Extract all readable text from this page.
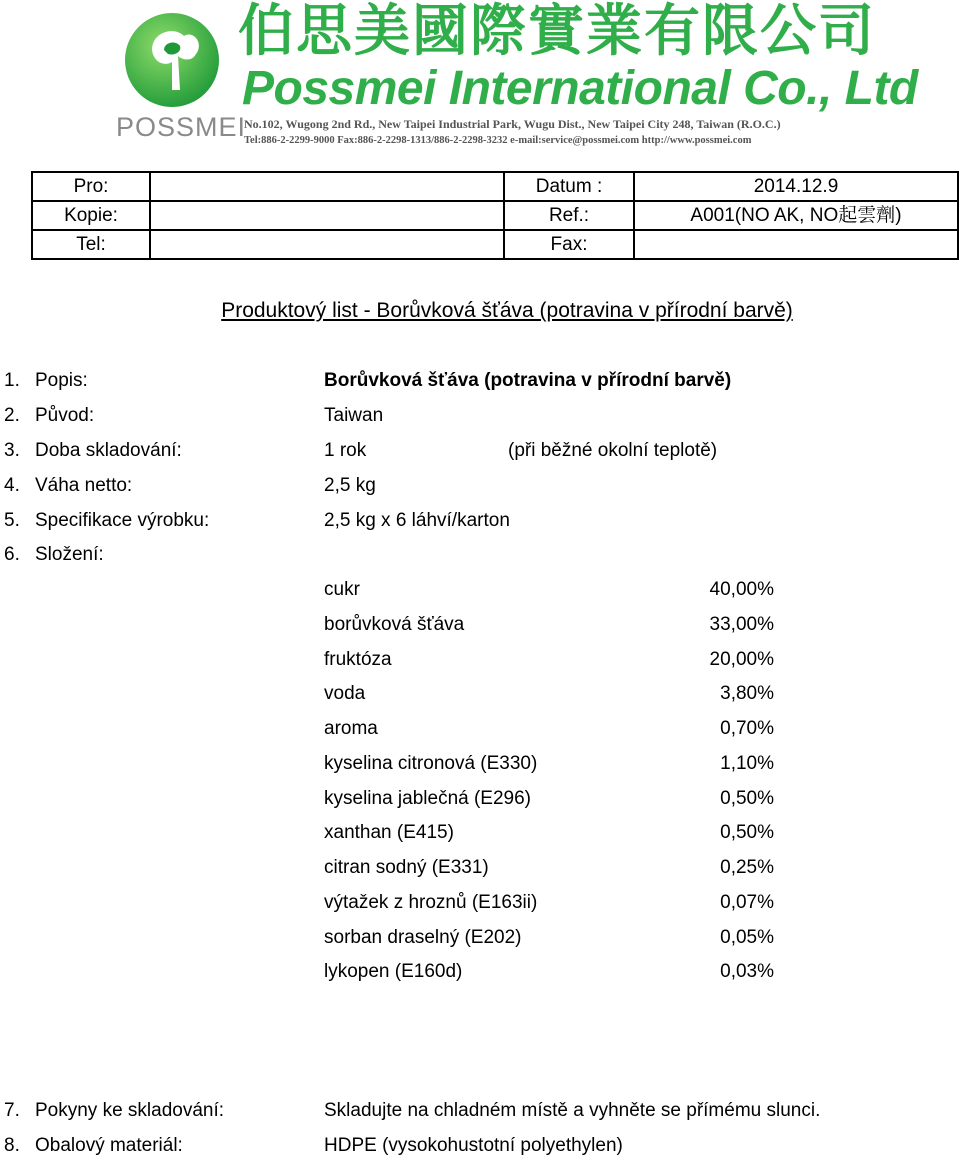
POSSMEI
伯思美國際實業有限公司
Possmei International Co., Ltd
No.102, Wugong 2nd Rd., New Taipei Industrial Park, Wugu Dist., New Taipei City 248, Taiwan (R.O.C.)
Tel:886-2-2299-9000 Fax:886-2-2298-1313/886-2-2298-3232 e-mail:service@possmei.com http://www.possmei.com
Pro:		Datum :	2014.12.9
Kopie:		Ref.:	A001(NO AK, NO起雲劑)
Tel:		Fax:	
Produktový list - Borůvková šťáva (potravina v přírodní barvě)
1. Popis:	Borůvková šťáva (potravina v přírodní barvě)
2. Původ:	Taiwan
3. Doba skladování:	1 rok	(při běžné okolní teplotě)
4. Váha netto:	2,5 kg
5. Specifikace výrobku:	2,5 kg x 6 láhví/karton
6. Složení:
cukr	40,00%
borůvková šťáva	33,00%
fruktóza	20,00%
voda	3,80%
aroma	0,70%
kyselina citronová (E330)	1,10%
kyselina jablečná (E296)	0,50%
xanthan (E415)	0,50%
citran sodný (E331)	0,25%
výtažek z hroznů (E163ii)	0,07%
sorban draselný (E202)	0,05%
lykopen (E160d)	0,03%
7. Pokyny ke skladování:	Skladujte na chladném místě a vyhněte se přímému slunci.
8. Obalový materiál:	HDPE (vysokohustotní polyethylen)
